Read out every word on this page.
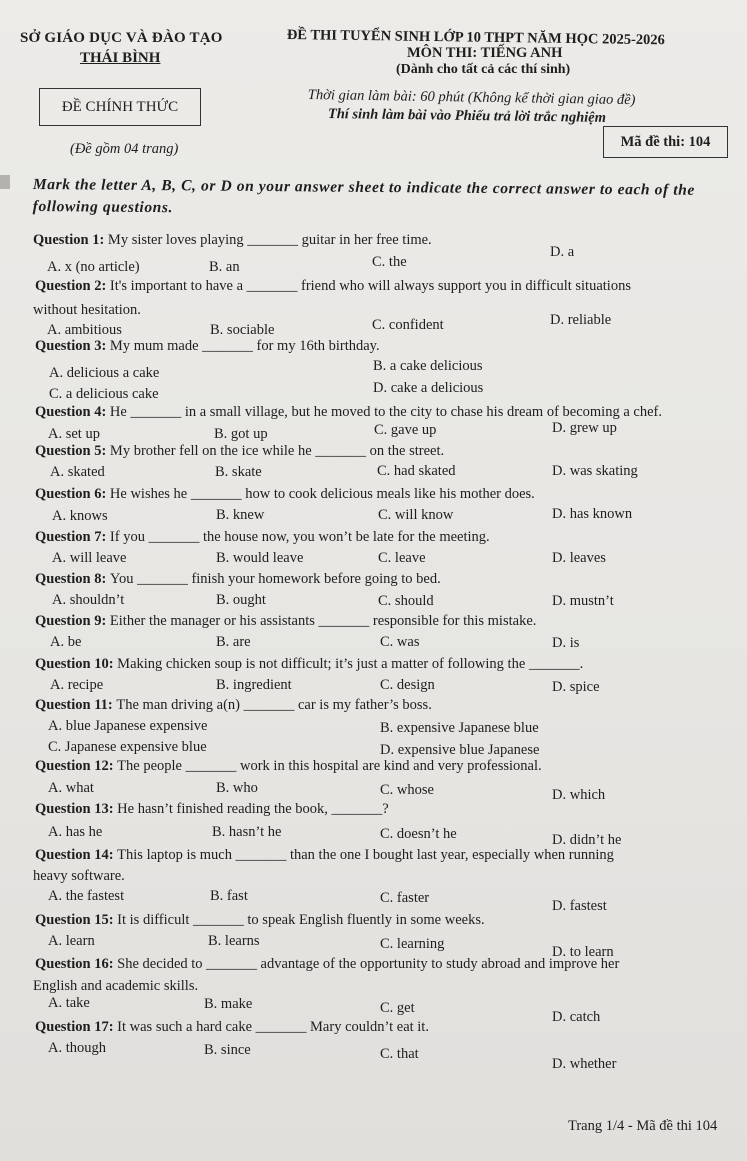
SỞ GIÁO DỤC VÀ ĐÀO TẠO
THÁI BÌNH
ĐỀ THI TUYỂN SINH LỚP 10 THPT NĂM HỌC 2025-2026
MÔN THI: TIẾNG ANH
(Dành cho tất cả các thí sinh)
Thời gian làm bài: 60 phút (Không kể thời gian giao đề)
Thí sinh làm bài vào Phiếu trả lời trắc nghiệm
ĐỀ CHÍNH THỨC
(Đề gồm 04 trang)	Mã đề thi: 104
Mark the letter A, B, C, or D on your answer sheet to indicate the correct answer to each of the following questions.
Question 1: My sister loves playing _______ guitar in her free time.
A. x (no article)	B. an	C. the
D. a
Question 2: It's important to have a _______ friend who will always support you in difficult situations
without hesitation.
A. ambitious	B. sociable	C. confident	D. reliable
Question 3: My mum made _______ for my 16th birthday.
A. delicious a cake	B. a cake delicious
C. a delicious cake	D. cake a delicious
Question 4: He _______ in a small village, but he moved to the city to chase his dream of becoming a chef.
A. set up	B. got up	C. gave up	D. grew up
Question 5: My brother fell on the ice while he _______ on the street.
A. skated	B. skate	C. had skated	D. was skating
Question 6: He wishes he _______ how to cook delicious meals like his mother does.
A. knows	B. knew	C. will know	D. has known
Question 7: If you _______ the house now, you won’t be late for the meeting.
A. will leave	B. would leave	C. leave	D. leaves
Question 8: You _______ finish your homework before going to bed.
A. shouldn’t	B. ought	C. should	D. mustn’t
Question 9: Either the manager or his assistants _______ responsible for this mistake.
A. be	B. are	C. was	D. is
Question 10: Making chicken soup is not difficult; it’s just a matter of following the _______.
A. recipe	B. ingredient	C. design	D. spice
Question 11: The man driving a(n) _______ car is my father’s boss.
A. blue Japanese expensive	B. expensive Japanese blue
C. Japanese expensive blue	D. expensive blue Japanese
Question 12: The people _______ work in this hospital are kind and very professional.
A. what	B. who	C. whose	D. which
Question 13: He hasn’t finished reading the book, _______?
A. has he	B. hasn’t he	C. doesn’t he	D. didn’t he
Question 14: This laptop is much _______ than the one I bought last year, especially when running
heavy software.
A. the fastest	B. fast	C. faster	D. fastest
Question 15: It is difficult _______ to speak English fluently in some weeks.
A. learn	B. learns	C. learning	D. to learn
Question 16: She decided to _______ advantage of the opportunity to study abroad and improve her
English and academic skills.
A. take	B. make	C. get
D. catch
Question 17: It was such a hard cake _______ Mary couldn’t eat it.
A. though	B. since	C. that
D. whether
Trang 1/4 - Mã đề thi 104
